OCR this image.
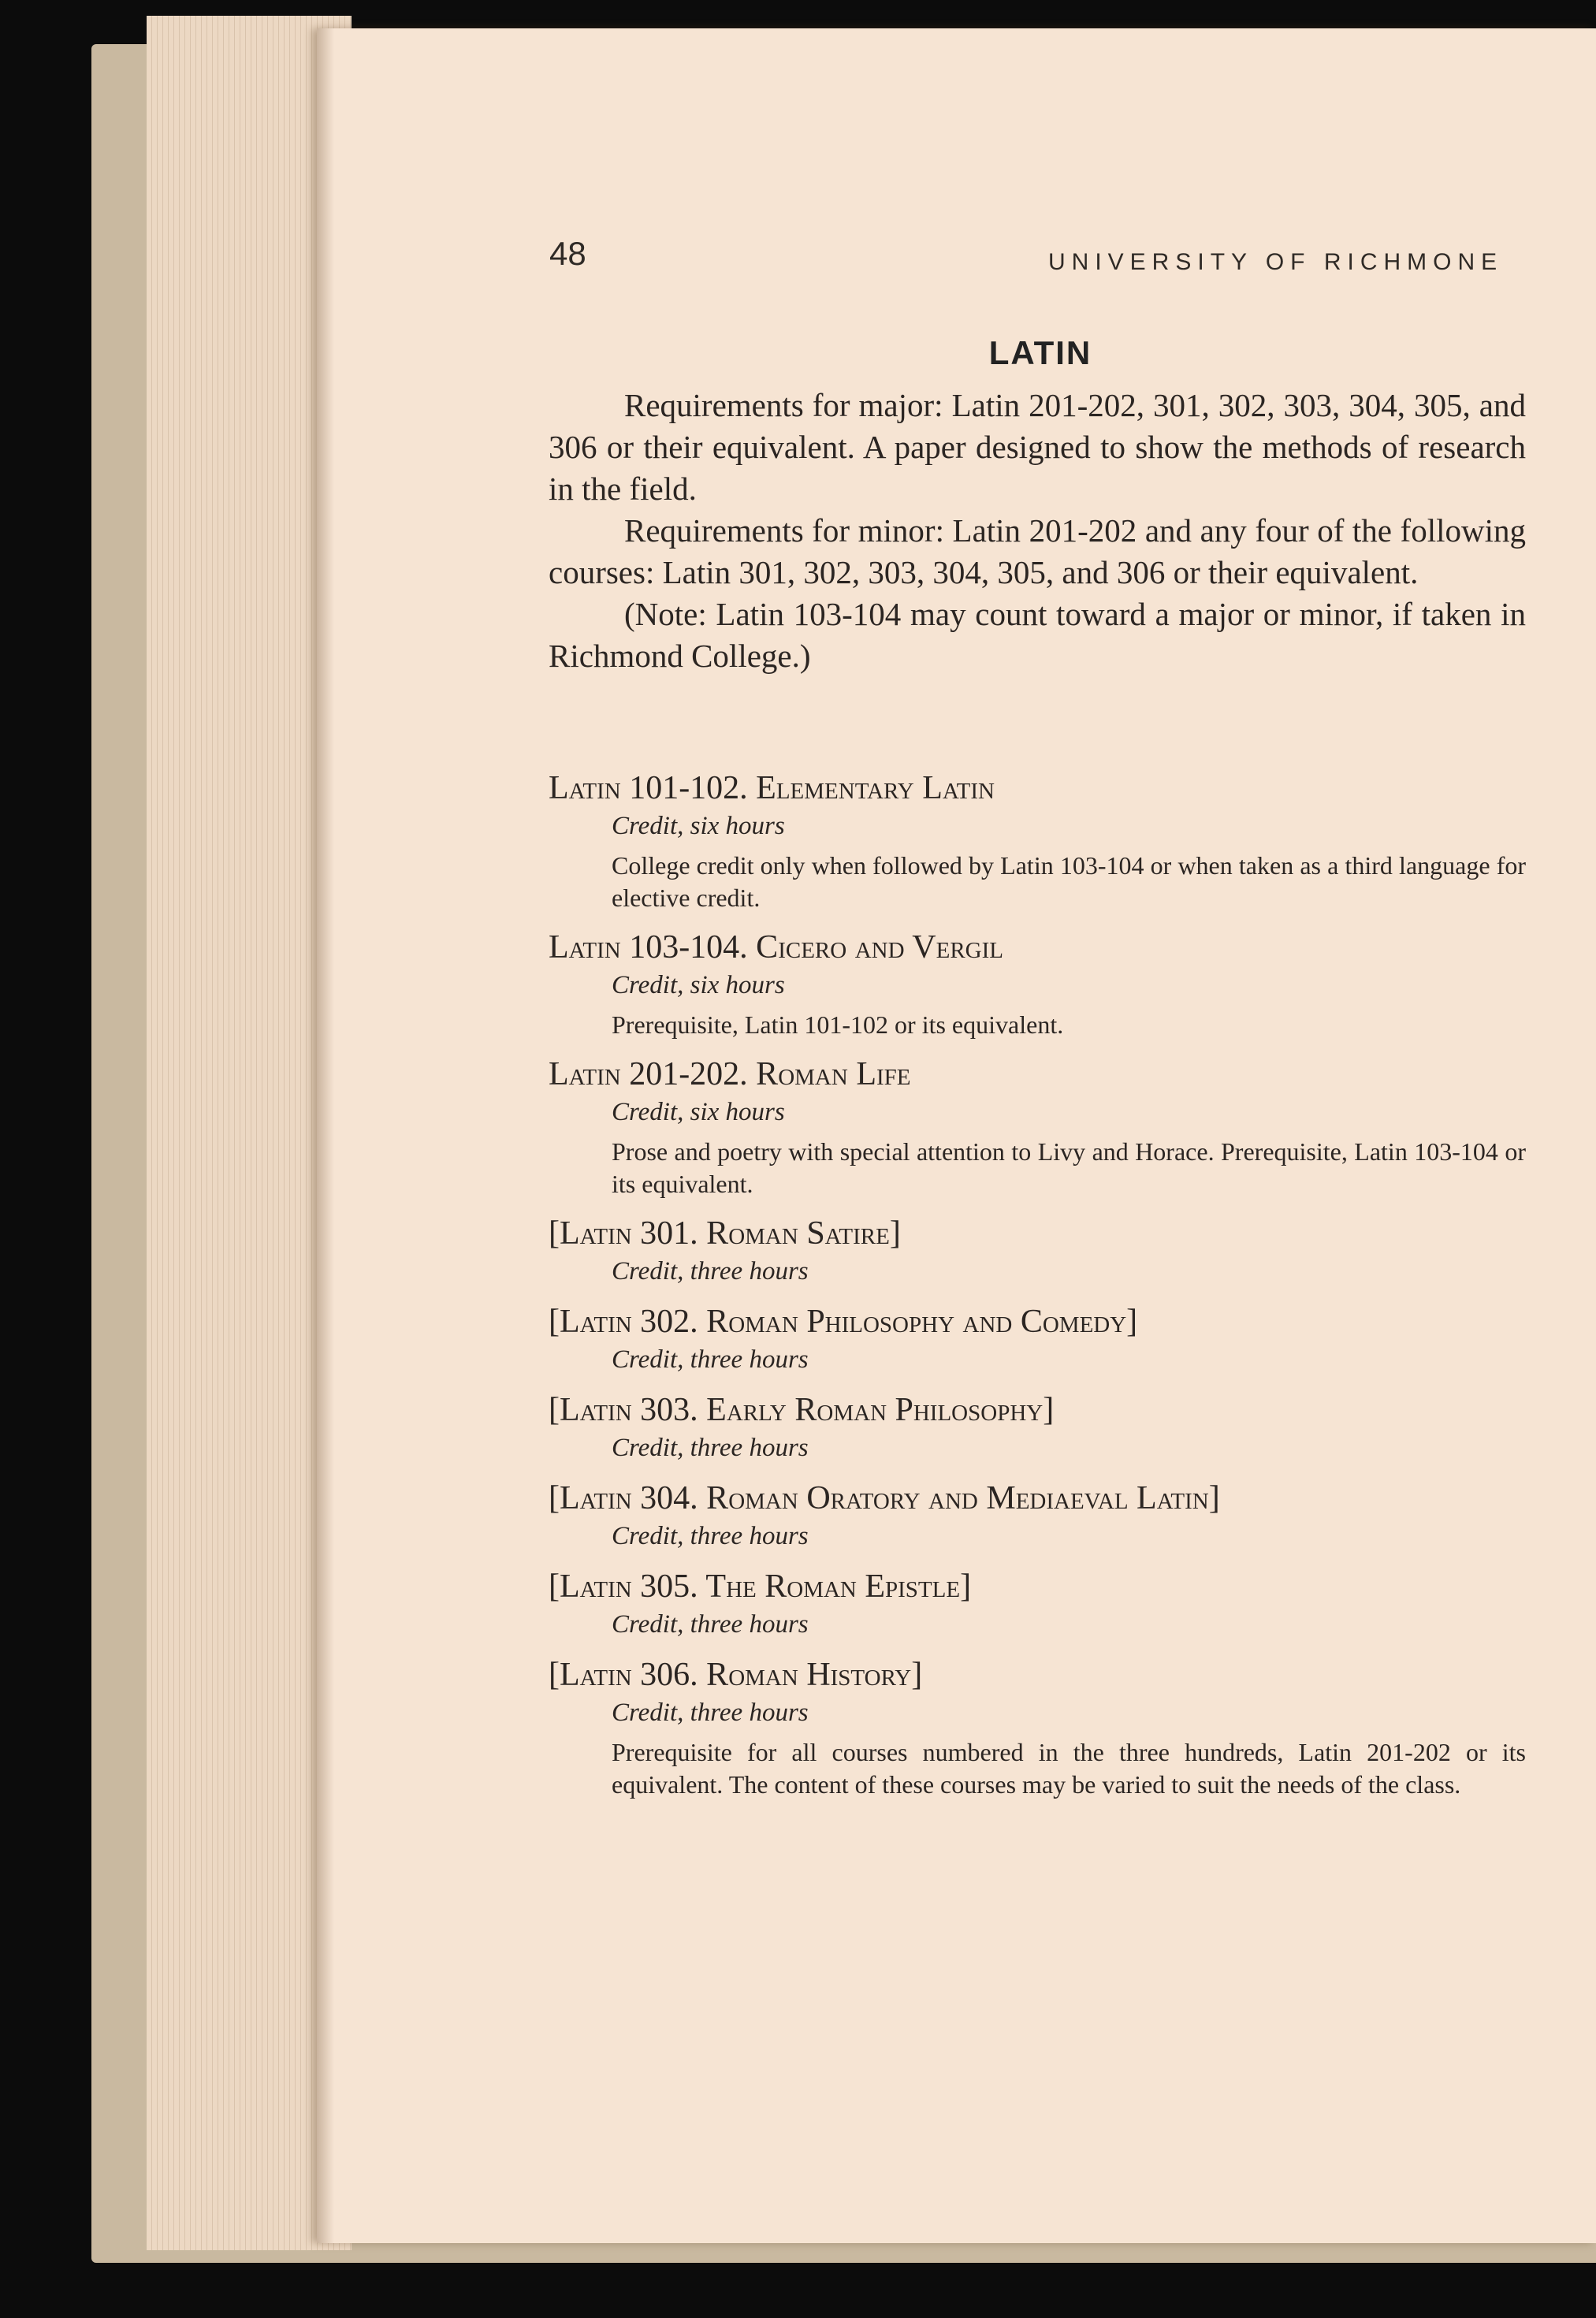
48	UNIVERSITY OF RICHMONE
LATIN

Requirements for major: Latin 201-202, 301, 302, 303, 304, 305, and 306 or their equivalent. A paper designed to show the methods of research in the field.

Requirements for minor: Latin 201-202 and any four of the following courses: Latin 301, 302, 303, 304, 305, and 306 or their equivalent.

(Note: Latin 103-104 may count toward a major or minor, if taken in Richmond College.)

Latin 101-102. Elementary Latin
Credit, six hours
College credit only when followed by Latin 103-104 or when taken as a third language for elective credit.
Latin 103-104. Cicero and Vergil
Credit, six hours
Prerequisite, Latin 101-102 or its equivalent.
Latin 201-202. Roman Life
Credit, six hours
Prose and poetry with special attention to Livy and Horace. Prerequisite, Latin 103-104 or its equivalent.
[Latin 301. Roman Satire]
Credit, three hours
[Latin 302. Roman Philosophy and Comedy]
Credit, three hours
[Latin 303. Early Roman Philosophy]
Credit, three hours
[Latin 304. Roman Oratory and Mediaeval Latin]
Credit, three hours
[Latin 305. The Roman Epistle]
Credit, three hours
[Latin 306. Roman History]
Credit, three hours
Prerequisite for all courses numbered in the three hundreds, Latin 201-202 or its equivalent. The content of these courses may be varied to suit the needs of the class.
